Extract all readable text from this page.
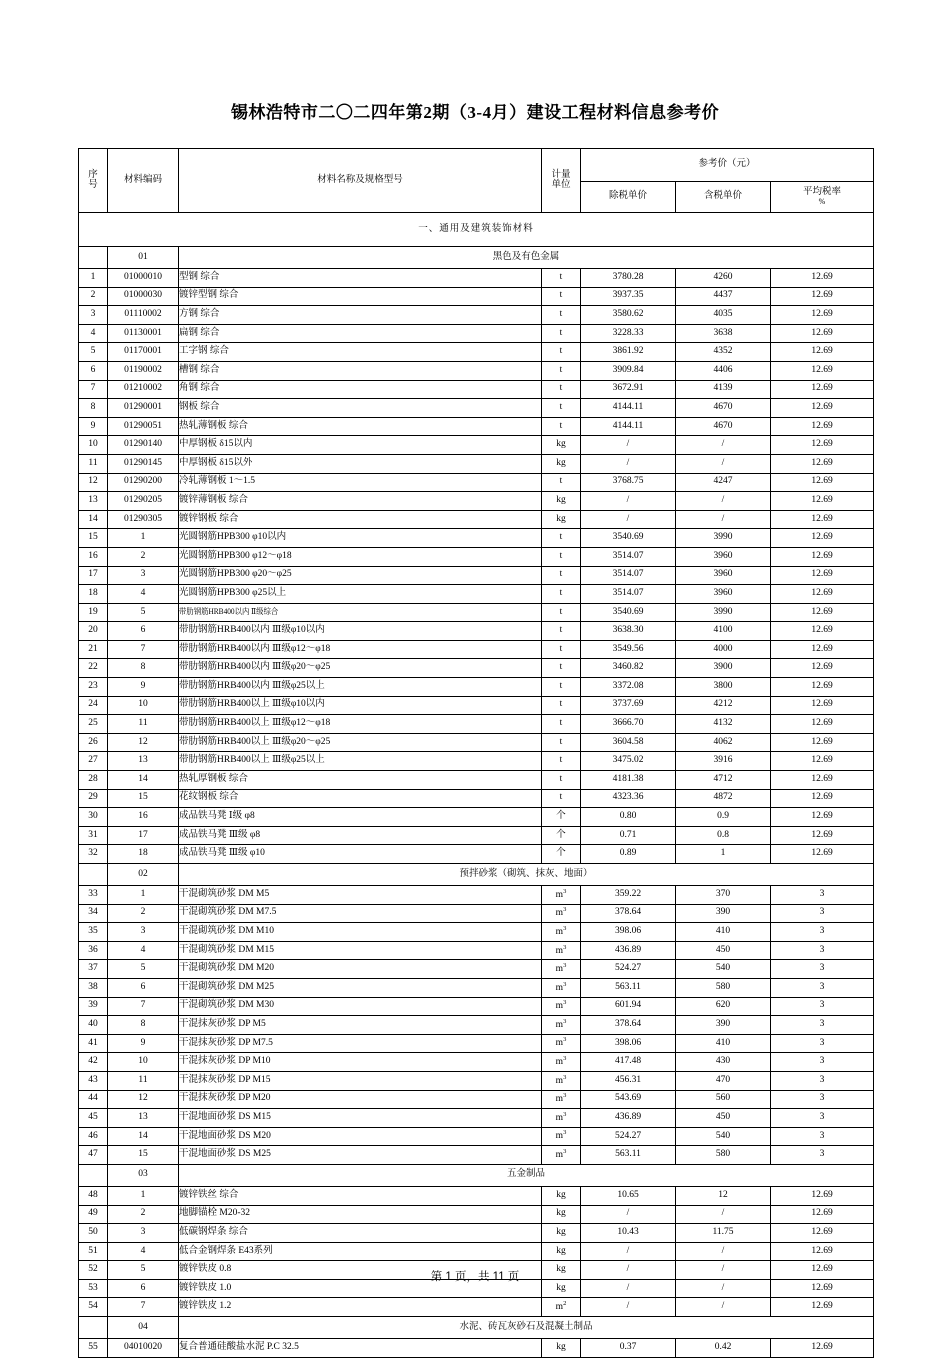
锡林浩特市二〇二四年第2期（3-4月）建设工程材料信息参考价
序
号	材料编码	材料名称及规格型号	计量
单位	参考价（元）		
				除税单价	含税单价	平均税率
%

一、通用及建筑装饰材料						
	01	黑色及有色金属				
1	01000010	型钢 综合	t	3780.28	4260	12.69
2	01000030	镀锌型钢 综合	t	3937.35	4437	12.69
3	01110002	方钢 综合	t	3580.62	4035	12.69
4	01130001	扁钢 综合	t	3228.33	3638	12.69
5	01170001	工字钢 综合	t	3861.92	4352	12.69
6	01190002	槽钢 综合	t	3909.84	4406	12.69
7	01210002	角钢 综合	t	3672.91	4139	12.69
8	01290001	钢板 综合	t	4144.11	4670	12.69
9	01290051	热轧薄钢板 综合	t	4144.11	4670	12.69
10	01290140	中厚钢板 δ15以内	kg	/	/	12.69
11	01290145	中厚钢板 δ15以外	kg	/	/	12.69
12	01290200	冷轧薄钢板 1～1.5	t	3768.75	4247	12.69
13	01290205	镀锌薄钢板 综合	kg	/	/	12.69
14	01290305	镀锌钢板 综合	kg	/	/	12.69
15	1	光圆钢筋HPB300 φ10以内	t	3540.69	3990	12.69
16	2	光圆钢筋HPB300 φ12～φ18	t	3514.07	3960	12.69
17	3	光圆钢筋HPB300 φ20～φ25	t	3514.07	3960	12.69
18	4	光圆钢筋HPB300 φ25以上	t	3514.07	3960	12.69
19	5	带肋钢筋HRB400以内 Ⅱ级综合	t	3540.69	3990	12.69
20	6	带肋钢筋HRB400以内 Ⅲ级φ10以内	t	3638.30	4100	12.69
21	7	带肋钢筋HRB400以内 Ⅲ级φ12～φ18	t	3549.56	4000	12.69
22	8	带肋钢筋HRB400以内 Ⅲ级φ20～φ25	t	3460.82	3900	12.69
23	9	带肋钢筋HRB400以内 Ⅲ级φ25以上	t	3372.08	3800	12.69
24	10	带肋钢筋HRB400以上 Ⅲ级φ10以内	t	3737.69	4212	12.69
25	11	带肋钢筋HRB400以上 Ⅲ级φ12～φ18	t	3666.70	4132	12.69
26	12	带肋钢筋HRB400以上 Ⅲ级φ20～φ25	t	3604.58	4062	12.69
27	13	带肋钢筋HRB400以上 Ⅲ级φ25以上	t	3475.02	3916	12.69
28	14	热轧厚钢板 综合	t	4181.38	4712	12.69
29	15	花纹钢板 综合	t	4323.36	4872	12.69
30	16	成品铁马凳 Ⅰ级 φ8	个	0.80	0.9	12.69
31	17	成品铁马凳 Ⅲ级 φ8	个	0.71	0.8	12.69
32	18	成品铁马凳 Ⅲ级 φ10	个	0.89	1	12.69
	02	预拌砂浆（砌筑、抹灰、地面）				
33	1	干混砌筑砂浆 DM M5	$m^3$	359.22	370	3
34	2	干混砌筑砂浆 DM M7.5	$m^3$	378.64	390	3
35	3	干混砌筑砂浆 DM M10	$m^3$	398.06	410	3
36	4	干混砌筑砂浆 DM M15	$m^3$	436.89	450	3
37	5	干混砌筑砂浆 DM M20	$m^3$	524.27	540	3
38	6	干混砌筑砂浆 DM M25	$m^3$	563.11	580	3
39	7	干混砌筑砂浆 DM M30	$m^3$	601.94	620	3
40	8	干混抹灰砂浆 DP M5	$m^3$	378.64	390	3
41	9	干混抹灰砂浆 DP M7.5	$m^3$	398.06	410	3
42	10	干混抹灰砂浆 DP M10	$m^3$	417.48	430	3
43	11	干混抹灰砂浆 DP M15	$m^3$	456.31	470	3
44	12	干混抹灰砂浆 DP M20	$m^3$	543.69	560	3
45	13	干混地面砂浆 DS M15	$m^3$	436.89	450	3
46	14	干混地面砂浆 DS M20	$m^3$	524.27	540	3
47	15	干混地面砂浆 DS M25	$m^3$	563.11	580	3
	03	五金制品				
48	1	镀锌铁丝 综合	kg	10.65	12	12.69
49	2	地脚锚栓 M20-32	kg	/	/	12.69
50	3	低碳钢焊条 综合	kg	10.43	11.75	12.69
51	4	低合金钢焊条 E43系列	kg	/	/	12.69
52	5	镀锌铁皮 0.8	kg	/	/	12.69
53	6	镀锌铁皮 1.0	kg	/	/	12.69
54	7	镀锌铁皮 1.2	$m^2$	/	/	12.69
	04	水泥、砖瓦灰砂石及混凝土制品				
55	04010020	复合普通硅酸盐水泥 P.C 32.5	kg	0.37	0.42	12.69
第 1 页，共 11 页
